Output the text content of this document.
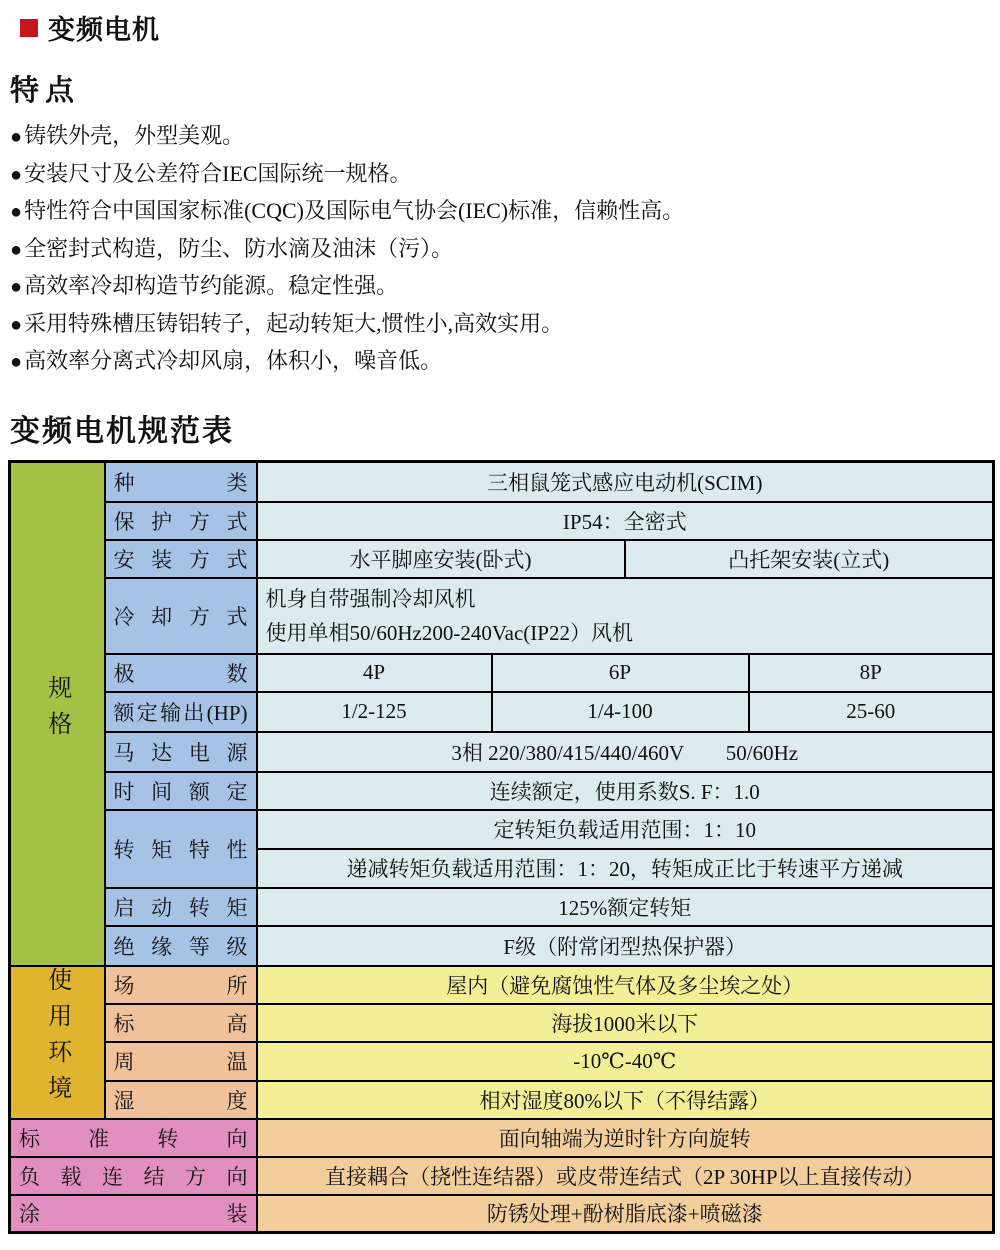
变频电机
特点
● 铸铁外壳，外型美观。
● 安装尺寸及公差符合IEC国际统一规格。
● 特性符合中国国家标准(CQC)及国际电气协会(IEC)标准，信赖性高。
● 全密封式构造，防尘、防水滴及油沫（污）。
● 高效率冷却构造节约能源。稳定性强。
● 采用特殊槽压铸铝转子，起动转矩大,惯性小,高效实用。
● 高效率分离式冷却风扇，体积小，噪音低。
变频电机规范表
规格	种 类	三相鼠笼式感应电动机(SCIM)			
	保 护 方 式	IP54：全密式			
	安 装 方 式	水平脚座安装(卧式)		凸托架安装(立式)	
	冷 却 方 式	机身自带强制冷却风机
使用单相50/60Hz200-240Vac(IP22）风机			

	极 数	4P	6P		8P
	额定输出(HP)	1/2-125	1/4-100		25-60
	马 达 电 源	3相 220/380/415/440/460V　　50/60Hz			
	时 间 额 定	连续额定，使用系数S. F：1.0			
	转 矩 特 性	定转矩负载适用范围：1：10			
		递减转矩负载适用范围：1：20，转矩成正比于转速平方递减			
	启 动 转 矩	125%额定转矩			
	绝 缘 等 级	F级（附常闭型热保护器）			
使用环境	场 所	屋内（避免腐蚀性气体及多尘埃之处）			
	标 高	海拔1000米以下			
	周 温	-10℃-40℃			
	湿 度	相对湿度80%以下（不得结露）			
标 准 转 向		面向轴端为逆时针方向旋转			
负 载 连 结 方 向		直接耦合（挠性连结器）或皮带连结式（2P 30HP以上直接传动）			
涂 装		防锈处理+酚树脂底漆+喷磁漆			
